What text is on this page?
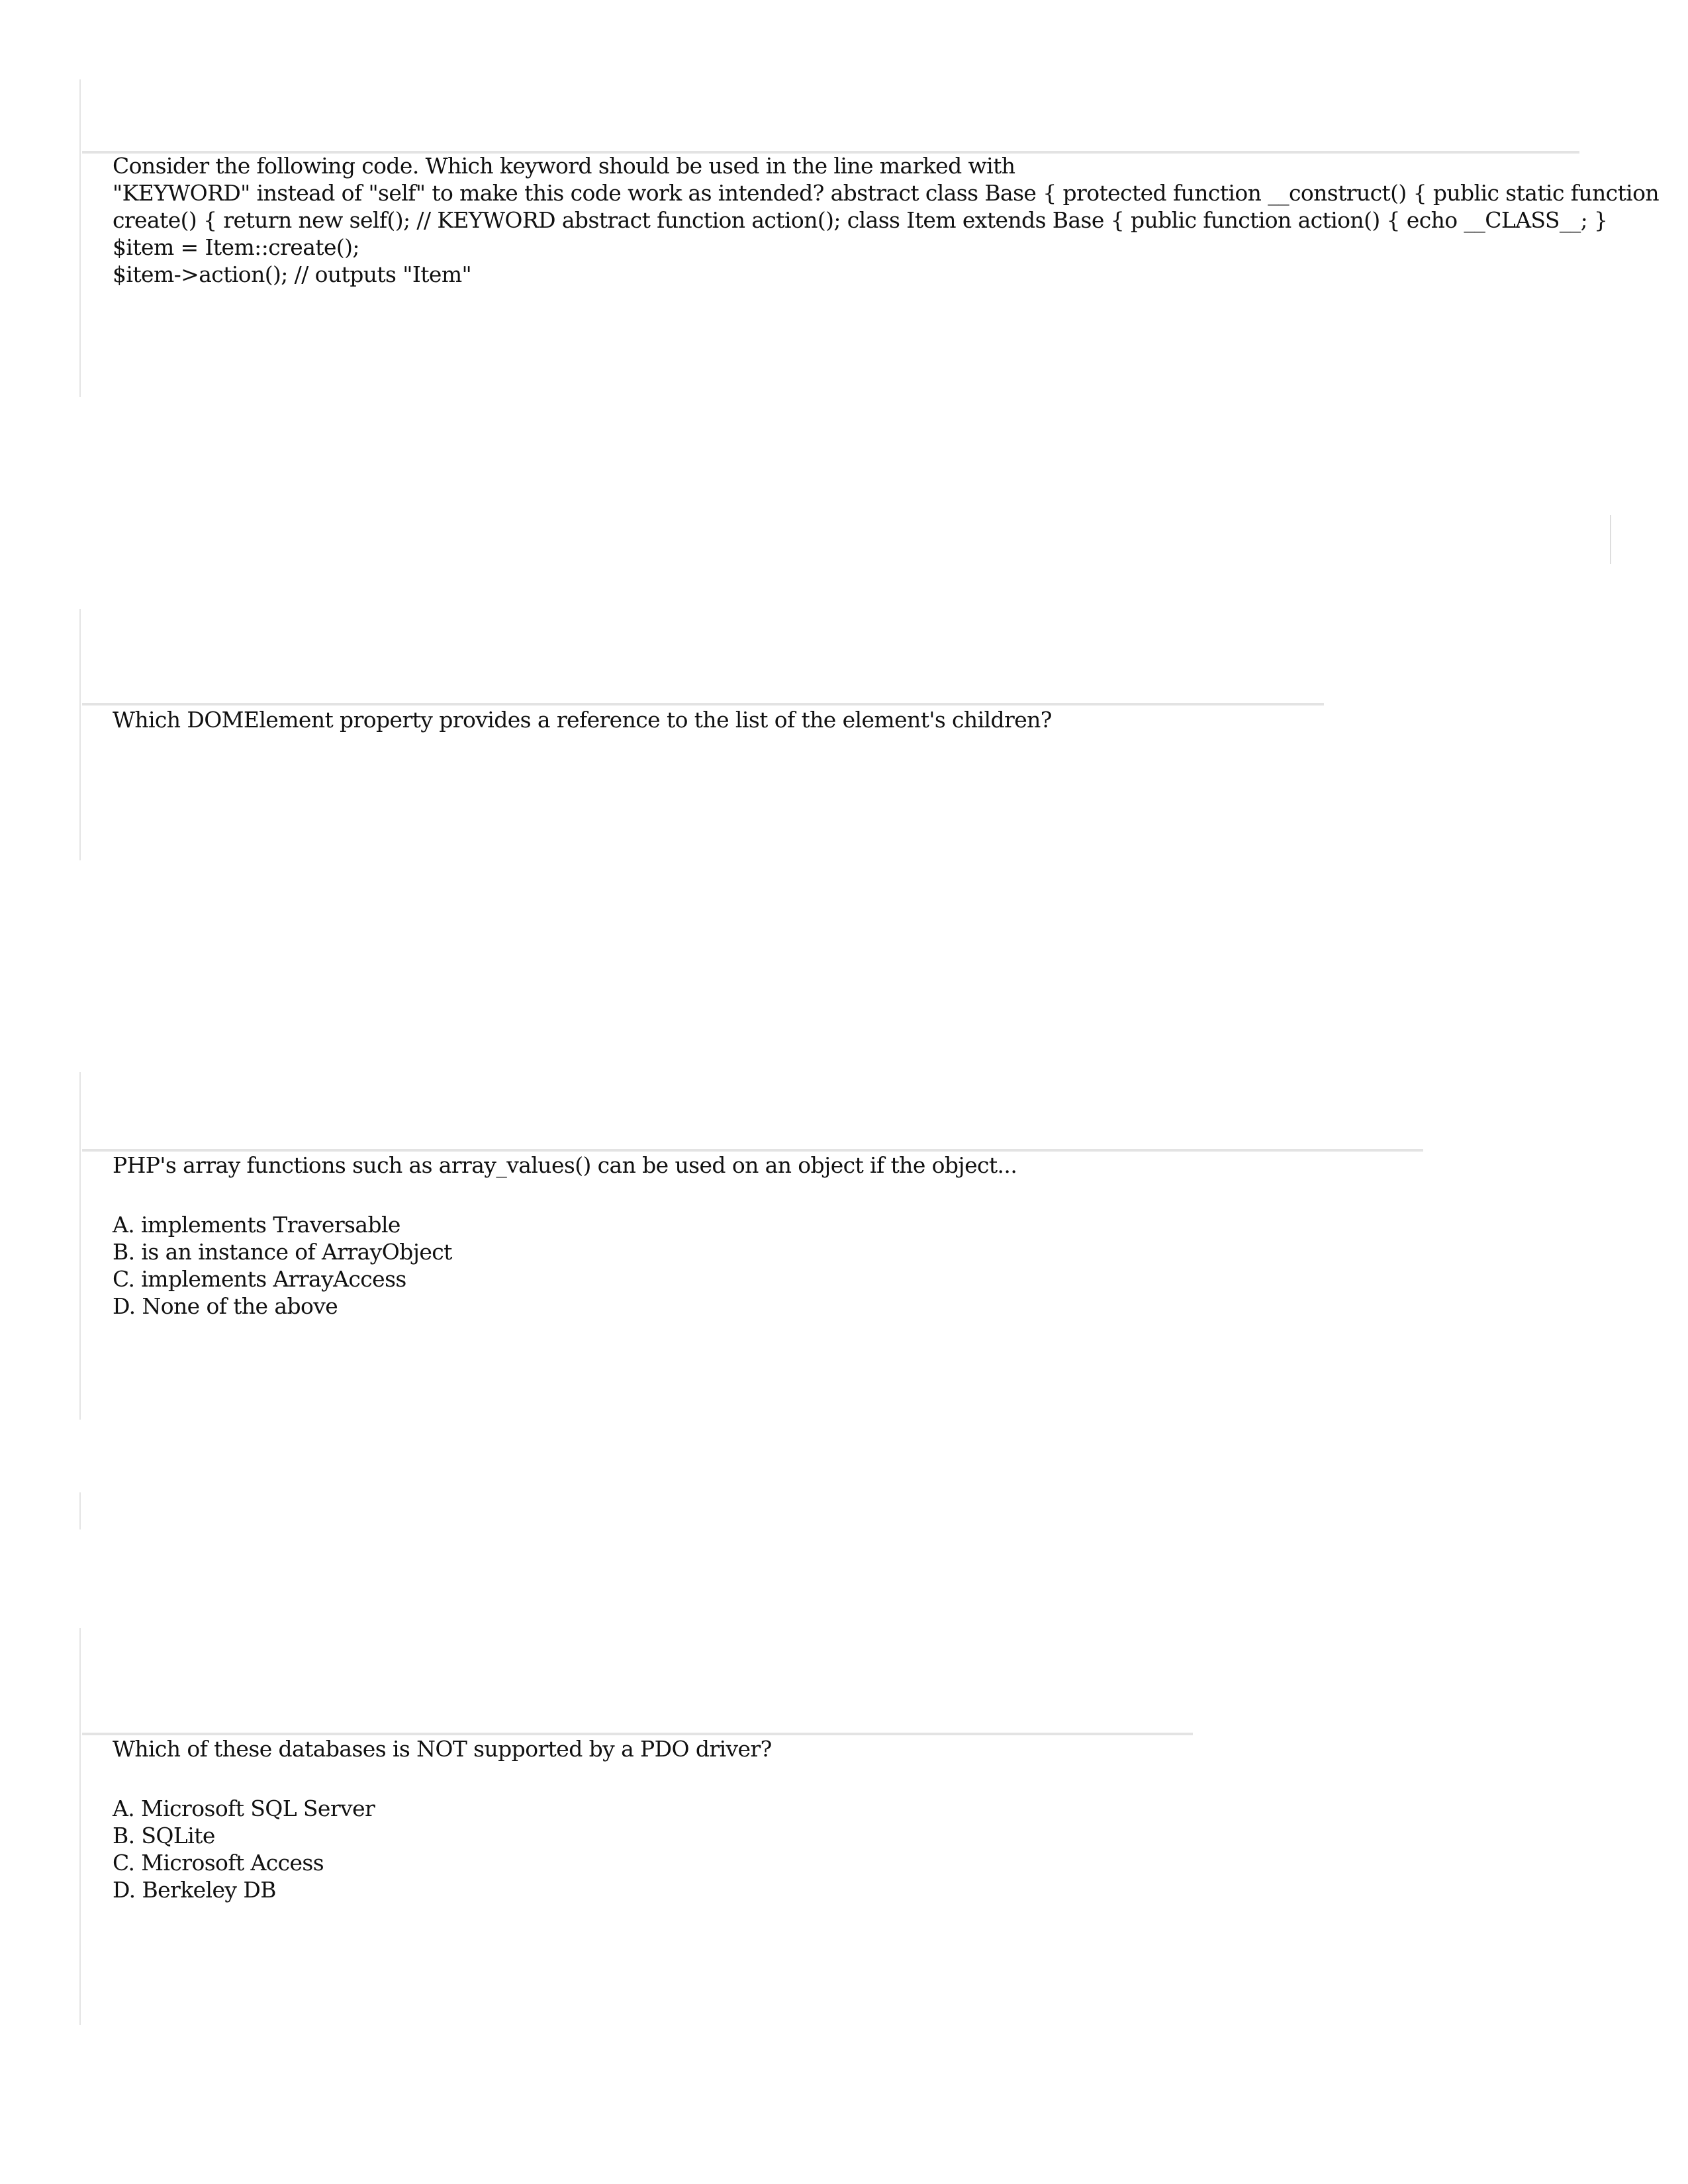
Consider the following code. Which keyword should be used in the line marked with

"KEYWORD" instead of "self" to make this code work as intended? abstract class Base { protected function __construct() { public static function

create() { return new self(); // KEYWORD abstract function action(); class Item extends Base { public function action() { echo __CLASS__; }

$item = Item::create();

$item->action(); // outputs "Item"

Which DOMElement property provides a reference to the list of the element's children?

PHP's array functions such as array_values() can be used on an object if the object...

A. implements Traversable
B. is an instance of ArrayObject
C. implements ArrayAccess
D. None of the above

Which of these databases is NOT supported by a PDO driver?

A. Microsoft SQL Server
B. SQLite
C. Microsoft Access
D. Berkeley DB
